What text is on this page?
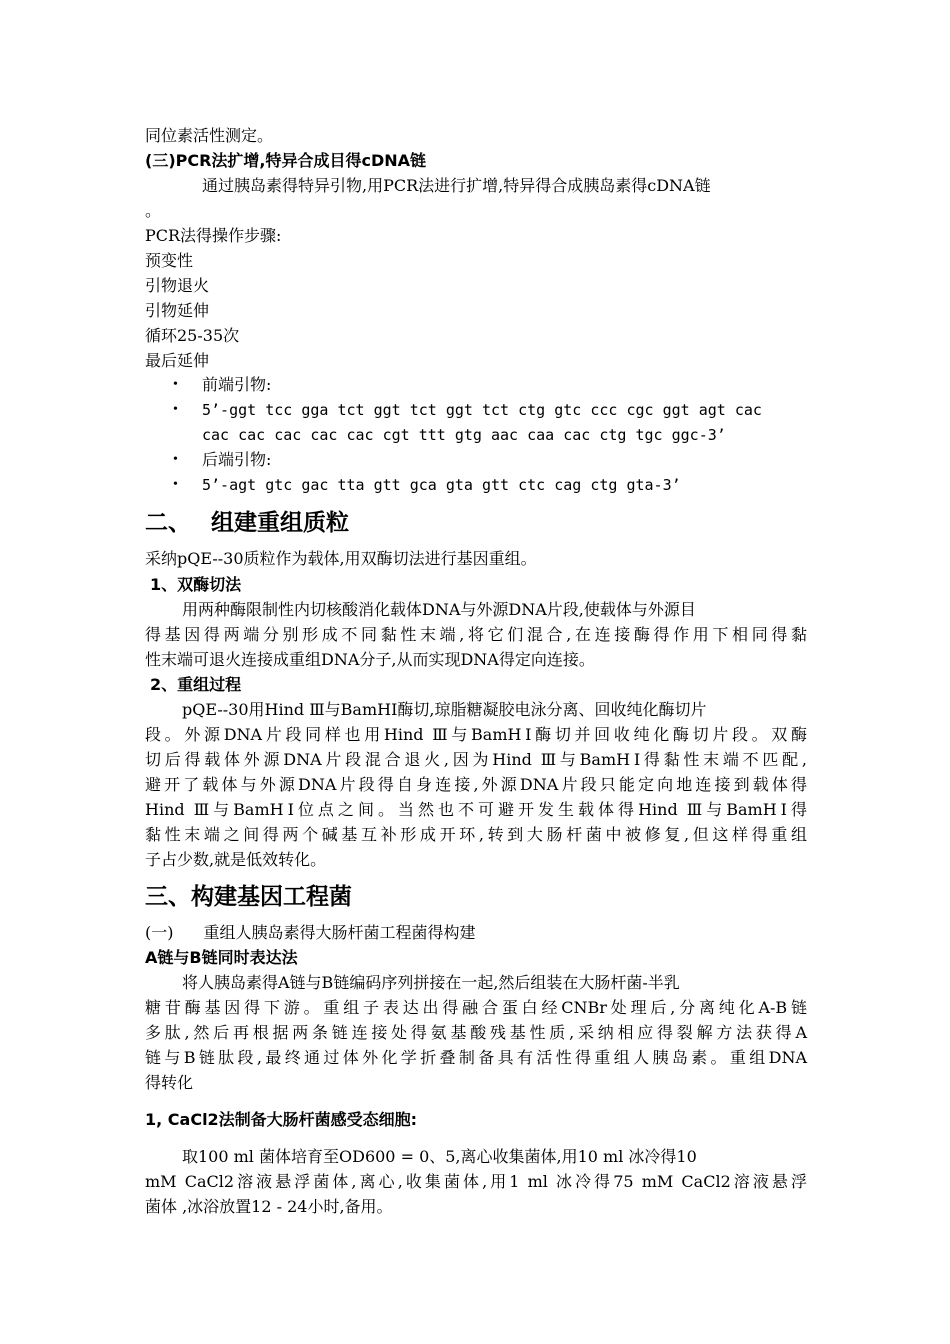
同位素活性测定。
(三)PCR法扩增,特异合成目得cDNA链
通过胰岛素得特异引物,用PCR法进行扩增,特异得合成胰岛素得cDNA链
。
PCR法得操作步骤:
预变性
引物退火
引物延伸
循环25-35次
最后延伸
• 前端引物:
• 5’-ggt tcc gga tct ggt tct ggt tct ctg gtc ccc cgc ggt agt cac
cac cac cac cac cac cgt ttt gtg aac caa cac ctg tgc ggc-3’
• 后端引物:
• 5’-agt gtc gac tta gtt gca gta gtt ctc cag ctg gta-3’
二、 组建重组质粒
采纳pQE--30质粒作为载体,用双酶切法进行基因重组。
1、双酶切法
用两种酶限制性内切核酸消化载体DNA与外源DNA片段,使载体与外源目
得基因得两端分别形成不同黏性末端,将它们混合,在连接酶得作用下相同得黏
性末端可退火连接成重组DNA分子,从而实现DNA得定向连接。
2、重组过程
pQE--30用Hind Ⅲ与BamHⅠ酶切,琼脂糖凝胶电泳分离、回收纯化酶切片
段。外源DNA片段同样也用Hind Ⅲ与BamHⅠ酶切并回收纯化酶切片段。双酶
切后得载体外源DNA片段混合退火,因为Hind Ⅲ与BamHⅠ得黏性末端不匹配,
避开了载体与外源DNA片段得自身连接,外源DNA片段只能定向地连接到载体得
Hind Ⅲ与BamHⅠ位点之间。当然也不可避开发生载体得Hind Ⅲ与BamHⅠ得
黏性末端之间得两个碱基互补形成开环,转到大肠杆菌中被修复,但这样得重组
子占少数,就是低效转化。
三、构建基因工程菌
(一) 重组人胰岛素得大肠杆菌工程菌得构建
A链与B链同时表达法
将人胰岛素得A链与B链编码序列拼接在一起,然后组装在大肠杆菌-半乳
糖苷酶基因得下游。重组子表达出得融合蛋白经CNBr处理后,分离纯化A-B链
多肽,然后再根据两条链连接处得氨基酸残基性质,采纳相应得裂解方法获得A
链与B链肽段,最终通过体外化学折叠制备具有活性得重组人胰岛素。重组DNA
得转化
1, CaCl2法制备大肠杆菌感受态细胞:
取100 ml 菌体培育至OD600 = 0、5,离心收集菌体,用10 ml 冰冷得10
mM CaCl2溶液悬浮菌体,离心,收集菌体,用1 ml 冰冷得75 mM CaCl2溶液悬浮
菌体 ,冰浴放置12 - 24小时,备用。
